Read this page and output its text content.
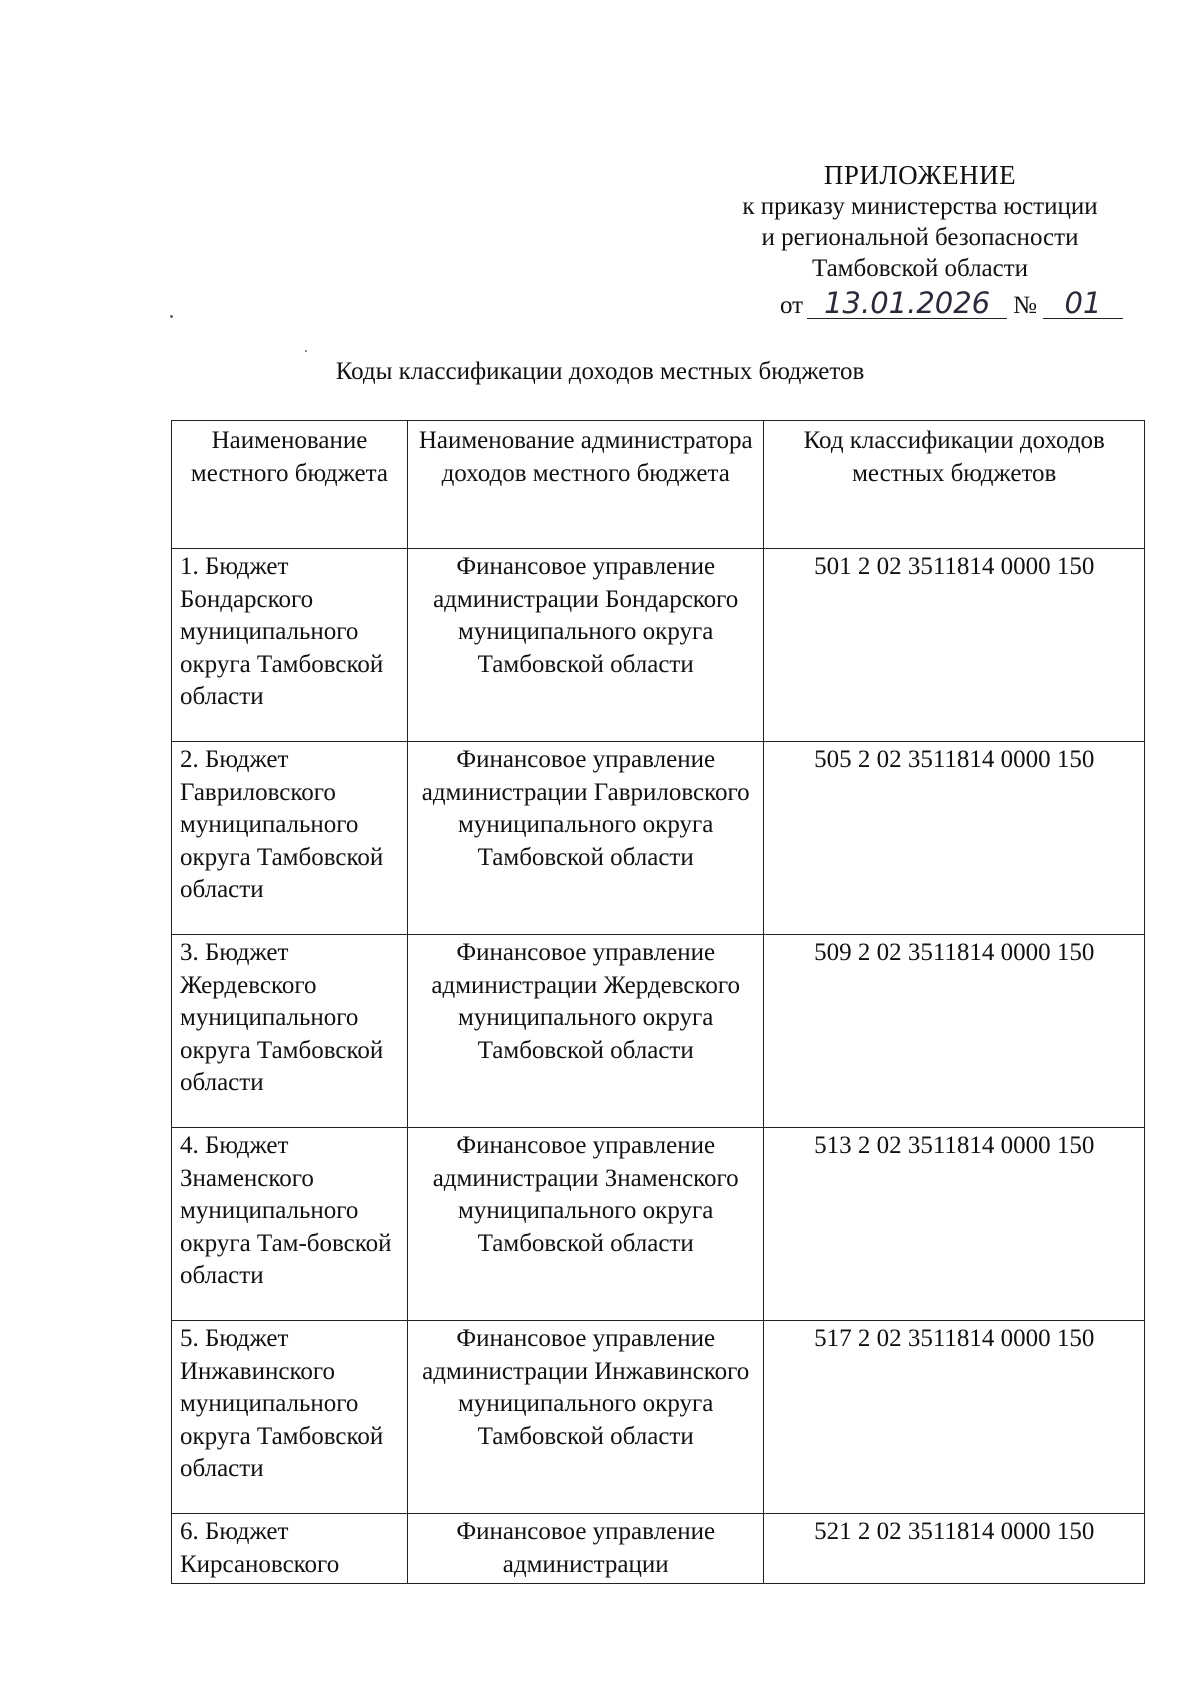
ПРИЛОЖЕНИЕ
к приказу министерства юстиции
и региональной безопасности
Тамбовской области
от 13.01.2026 № 01
Коды классификации доходов местных бюджетов
Наименование местного бюджета	Наименование администратора доходов местного бюджета	Код классификации доходов местных бюджетов
1. Бюджет Бондарского муниципального округа Тамбовской области	Финансовое управление администрации Бондарского муниципального округа Тамбовской области	501 2 02 3511814 0000 150
2. Бюджет Гавриловского муниципального округа Тамбовской области	Финансовое управление администрации Гавриловского муниципального округа Тамбовской области	505 2 02 3511814 0000 150
3. Бюджет Жердевского муниципального округа Тамбовской области	Финансовое управление администрации Жердевского муниципального округа Тамбовской области	509 2 02 3511814 0000 150
4. Бюджет Знаменского муниципального округа Там-бовской области	Финансовое управление администрации Знаменского муниципального округа Тамбовской области	513 2 02 3511814 0000 150
5. Бюджет Инжавинского муниципального округа Тамбовской области	Финансовое управление администрации Инжавинского муниципального округа Тамбовской области	517 2 02 3511814 0000 150
6. Бюджет Кирсановского	Финансовое управление администрации	521 2 02 3511814 0000 150
